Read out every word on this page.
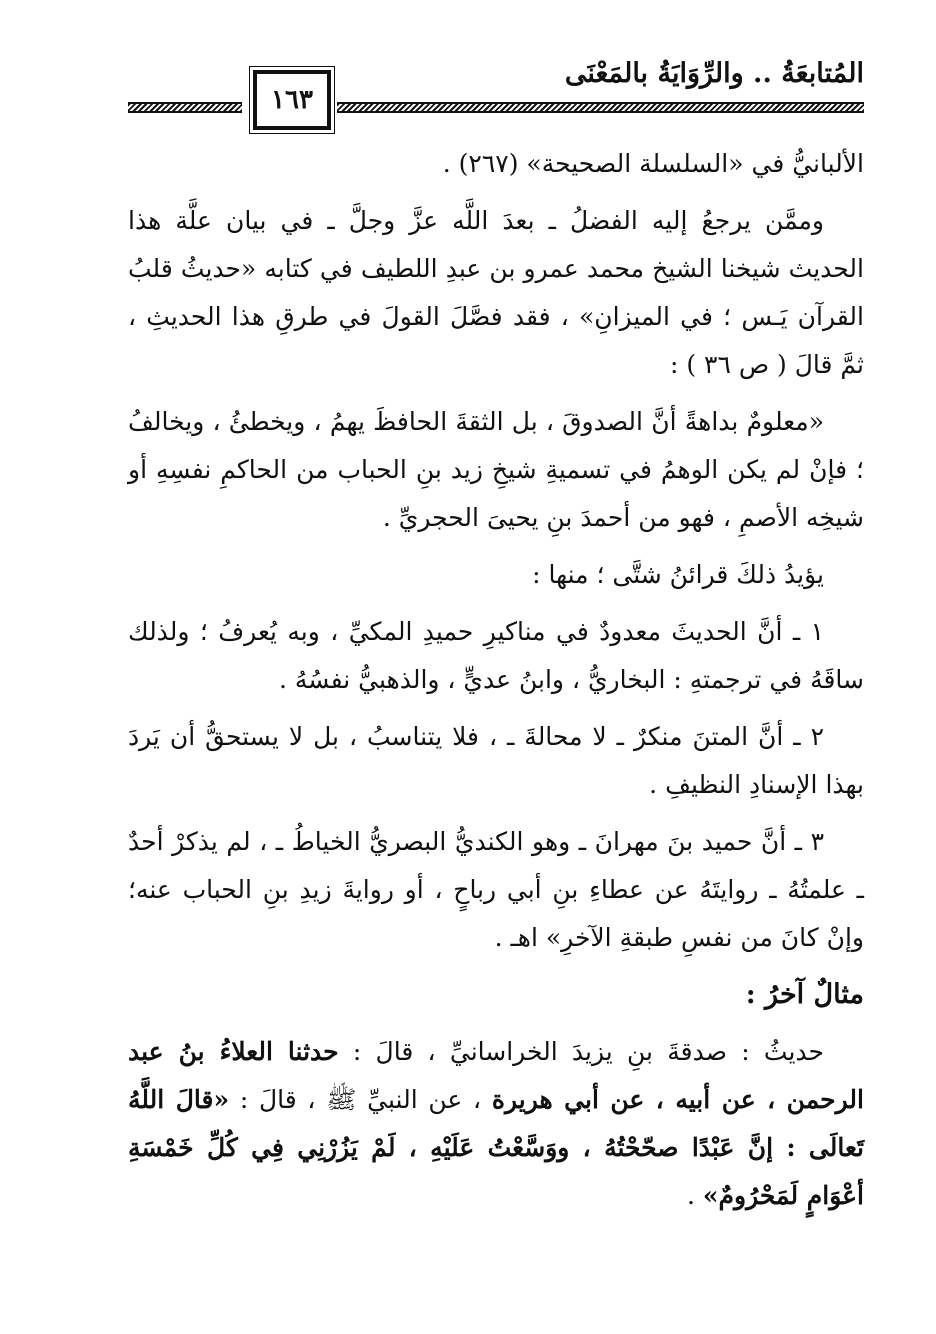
المُتابعَةُ .. والرِّوَايَةُ بالمَعْنَى
١٦٣

الألبانيُّ في «السلسلة الصحيحة» (٢٦٧) .

وممَّن يرجعُ إليه الفضلُ ـ بعدَ اللَّه عزَّ وجلَّ ـ في بيان علَّة هذا الحديث شيخنا الشيخ محمد عمرو بن عبدِ اللطيف في كتابه «حديثُ قلبُ القرآن يَـس ؛ في الميزانِ» ، فقد فصَّلَ القولَ في طرقِ هذا الحديثِ ، ثمَّ قالَ ( ص ٣٦ ) :

«معلومٌ بداهةً أنَّ الصدوقَ ، بل الثقةَ الحافظَ يهمُ ، ويخطئُ ، ويخالفُ ؛ فإنْ لم يكن الوهمُ في تسميةِ شيخِ زيد بنِ الحباب من الحاكمِ نفسِهِ أو شيخِه الأصمِ ، فهو من أحمدَ بنِ يحيىَ الحجريِّ .

يؤيدُ ذلكَ قرائنُ شتَّى ؛ منها :

١ ـ أنَّ الحديثَ معدودٌ في مناكيرِ حميدِ المكيِّ ، وبه يُعرفُ ؛ ولذلك ساقَهُ في ترجمتهِ : البخاريُّ ، وابنُ عديٍّ ، والذهبيُّ نفسُهُ .

٢ ـ أنَّ المتنَ منكرٌ ـ لا محالةَ ـ ، فلا يتناسبُ ، بل لا يستحقُّ أن يَردَ بهذا الإسنادِ النظيفِ .

٣ ـ أنَّ حميد بنَ مهرانَ ـ وهو الكنديُّ البصريُّ الخياطُ ـ ، لم يذكرْ أحدٌ ـ علمتُهُ ـ روايتَهُ عن عطاءِ بنِ أبي رباحٍ ، أو روايةَ زيدِ بنِ الحباب عنه؛ وإنْ كانَ من نفسِ طبقةِ الآخرِ» اهـ .

مثالٌ آخرُ :

حديثُ : صدقةَ بنِ يزيدَ الخراسانيِّ ، قالَ : حدثنا العلاءُ بنُ عبد الرحمن ، عن أبيه ، عن أبي هريرة ، عن النبيِّ ﷺ ، قالَ : «قالَ اللَّهُ تَعالَى : إنَّ عَبْدًا صحّحْتُهُ ، ووَسَّعْتُ عَلَيْهِ ، لَمْ يَزُرْنِي فِي كُلِّ خَمْسَةِ أعْوَامٍ لَمَحْرُومٌ» .
